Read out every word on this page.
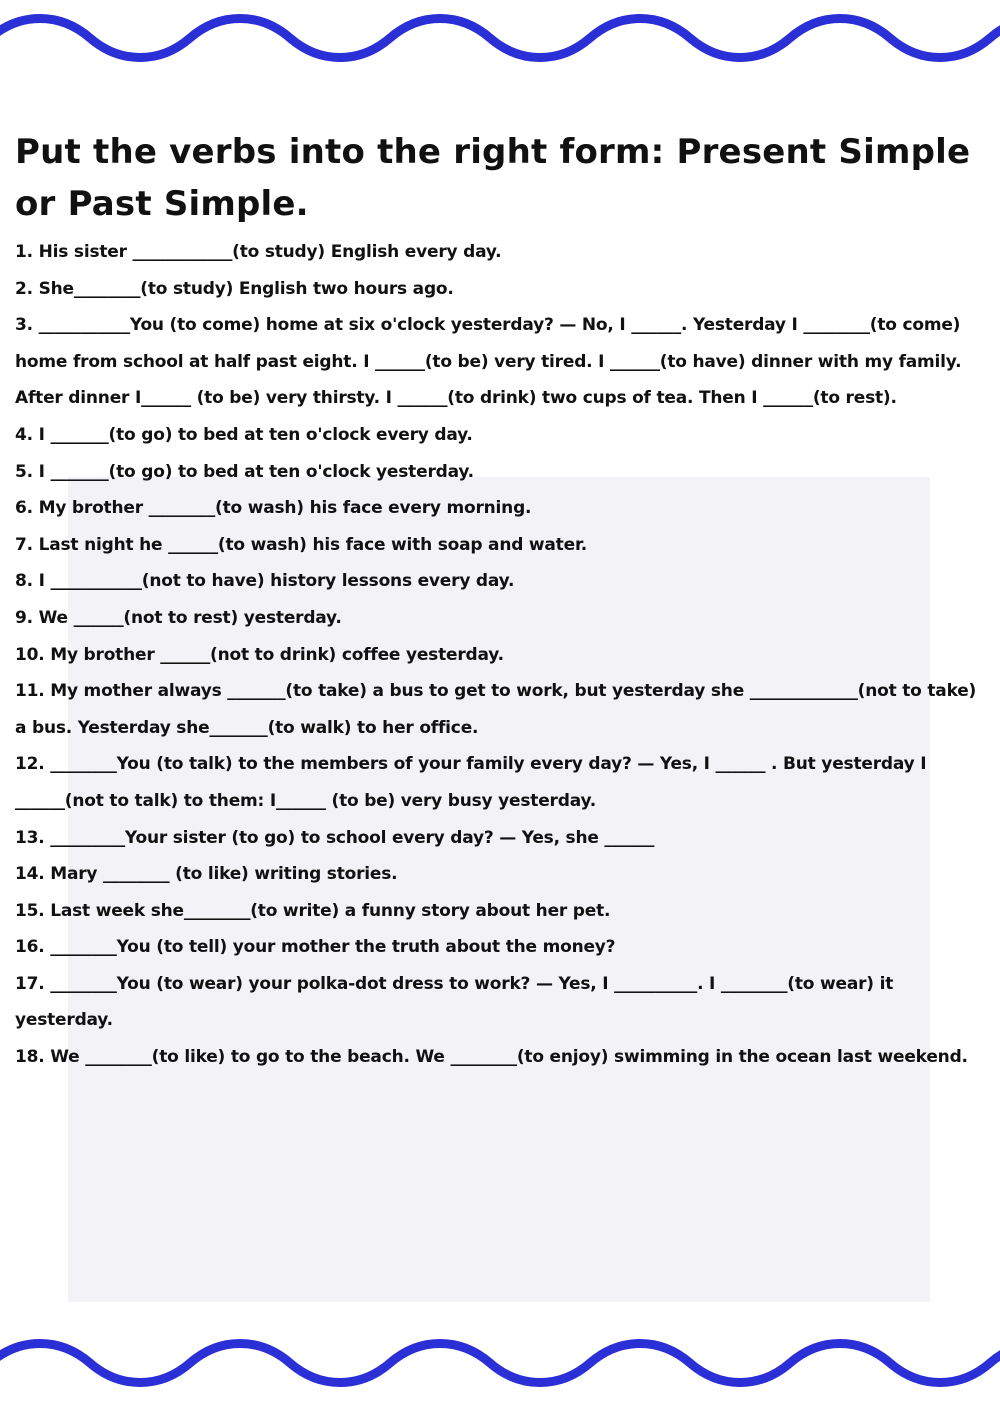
Put the verbs into the right form: Present Simple or Past Simple.
1. His sister ____________(to study) English every day.
2. She________(to study) English two hours ago.
3. ___________You (to come) home at six o'clock yesterday? — No, I ______. Yesterday I ________(to come) home from school at half past eight. I ______(to be) very tired. I ______(to have) dinner with my family. After dinner I______ (to be) very thirsty. I ______(to drink) two cups of tea. Then I ______(to rest).
4. I _______(to go) to bed at ten o'clock every day.
5. I _______(to go) to bed at ten o'clock yesterday.
6. My brother ________(to wash) his face every morning.
7. Last night he ______(to wash) his face with soap and water.
8. I ___________(not to have) history lessons every day.
9. We ______(not to rest) yesterday.
10. My brother ______(not to drink) coffee yesterday.
11. My mother always _______(to take) a bus to get to work, but yesterday she _____________(not to take) a bus. Yesterday she_______(to walk) to her office.
12. ________You (to talk) to the members of your family every day? — Yes, I ______ . But yesterday I ______(not to talk) to them: I______ (to be) very busy yesterday.
13. _________Your sister (to go) to school every day? — Yes, she ______
14. Mary ________ (to like) writing stories.
15. Last week she________(to write) a funny story about her pet.
16. ________You (to tell) your mother the truth about the money?
17. ________You (to wear) your polka-dot dress to work? — Yes, I __________. I ________(to wear) it yesterday.
18. We ________(to like) to go to the beach. We ________(to enjoy) swimming in the ocean last weekend.
